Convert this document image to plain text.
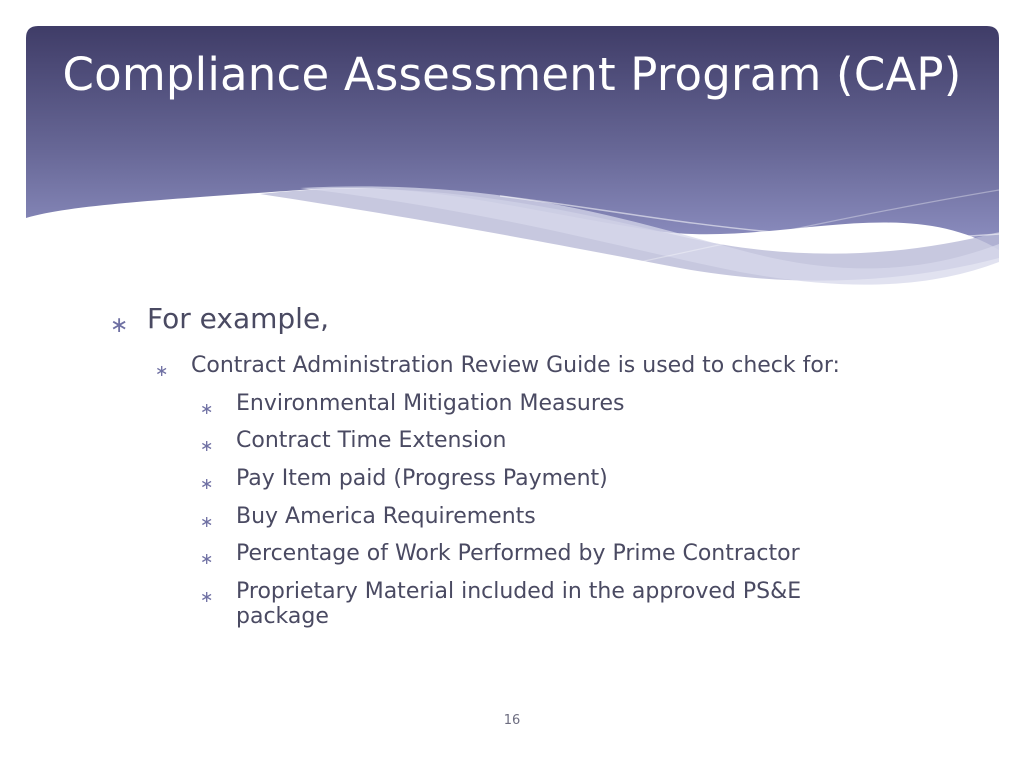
Compliance Assessment Program (CAP)
∗ For example,

∗ Contract Administration Review Guide is used to check for:

∗ Environmental Mitigation Measures

∗ Contract Time Extension

∗ Pay Item paid (Progress Payment)

∗ Buy America Requirements

∗ Percentage of Work Performed by Prime Contractor

∗ Proprietary Material included in the approved PS&E package

16
